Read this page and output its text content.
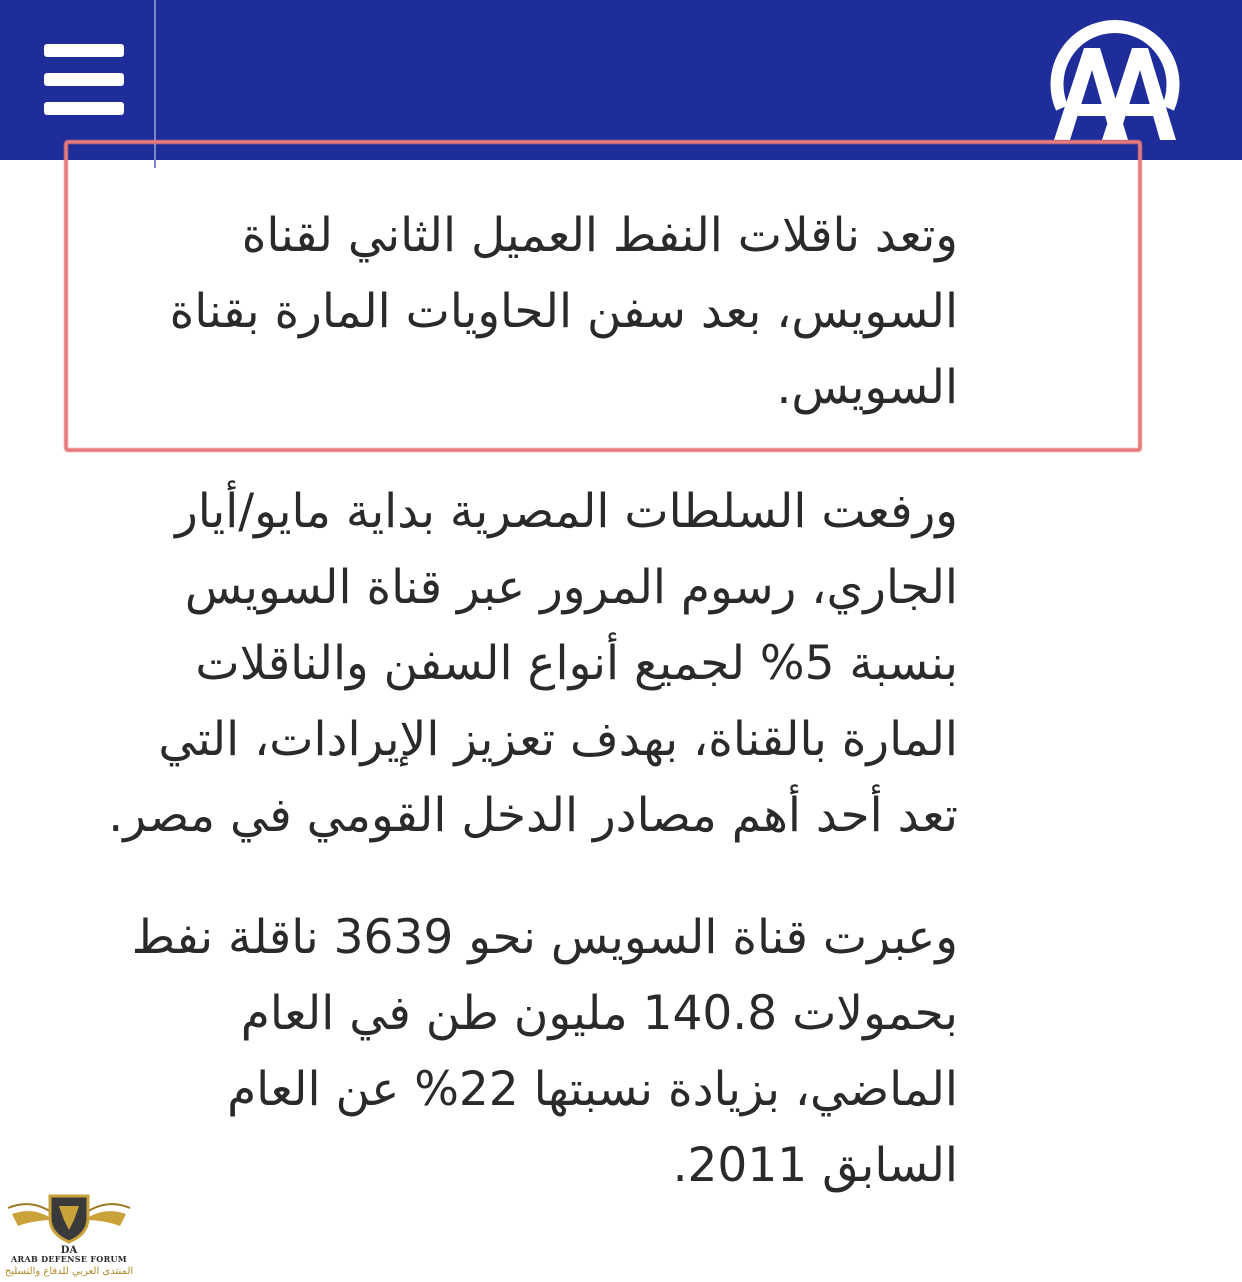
وتعد ناقلات النفط العميل الثاني لقناة السويس، بعد سفن الحاويات المارة بقناة السويس.

ورفعت السلطات المصرية بداية مايو/أيار الجاري، رسوم المرور عبر قناة السويس بنسبة 5% لجميع أنواع السفن والناقلات المارة بالقناة، بهدف تعزيز الإيرادات، التي تعد أحد أهم مصادر الدخل القومي في مصر.

وعبرت قناة السويس نحو 3639 ناقلة نفط بحمولات 140.8 مليون طن في العام الماضي، بزيادة نسبتها 22% عن العام السابق 2011.

DA
ARAB DEFENSE FORUM
المنتدى العربي للدفاع والتسليح
